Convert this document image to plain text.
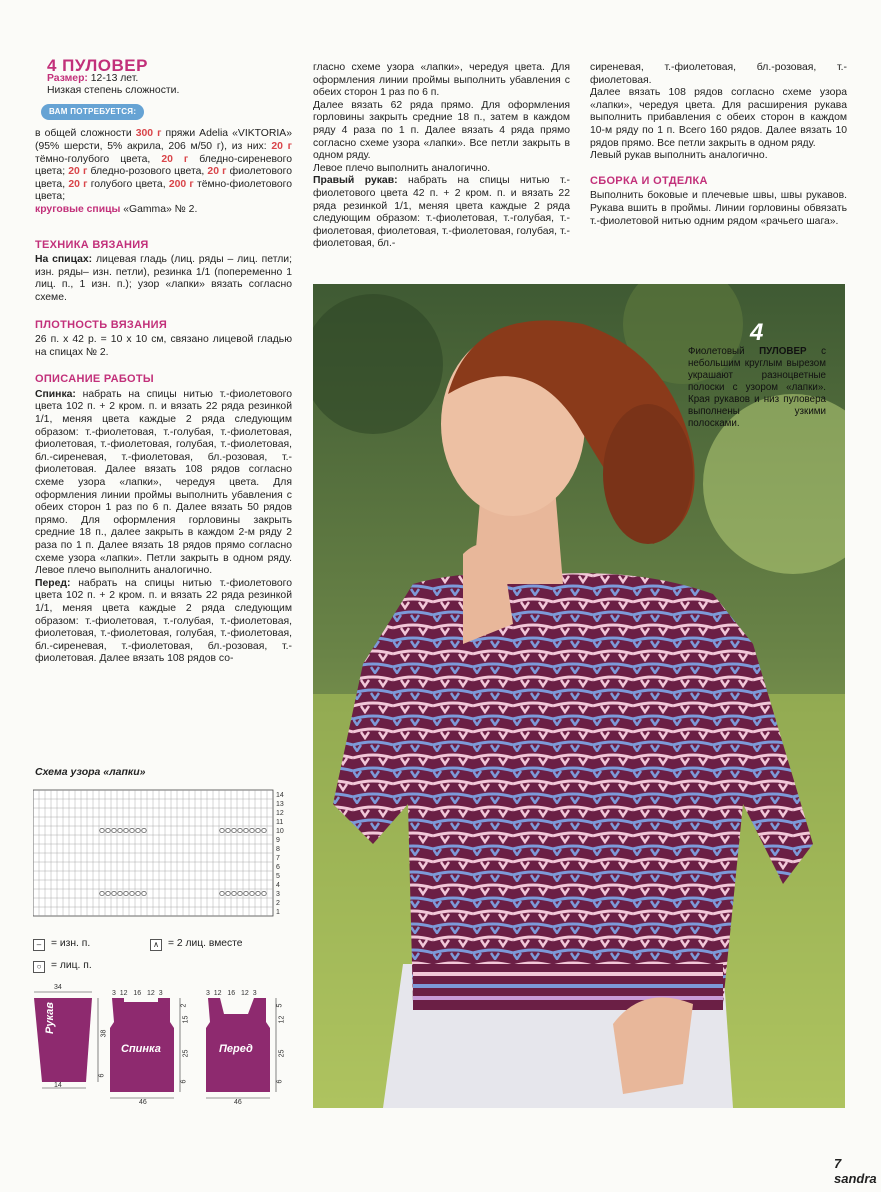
4 ПУЛОВЕР
Размер: 12-13 лет.
Низкая степень сложности.
ВАМ ПОТРЕБУЕТСЯ:

в общей сложности 300 г пряжи Adelia «VIKTORIA» (95% шерсти, 5% акрила, 206 м/50 г), из них: 20 г тёмно-голубого цвета, 20 г бледно-сиреневого цвета; 20 г бледно-розового цвета, 20 г фиолетового цвета, 20 г голубого цвета, 200 г тёмно-фиолетового цвета;
круговые спицы «Gamma» № 2.

ТЕХНИКА ВЯЗАНИЯ

На спицах: лицевая гладь (лиц. ряды – лиц. петли; изн. ряды– изн. петли), резинка 1/1 (попеременно 1 лиц. п., 1 изн. п.); узор «лапки» вязать согласно схеме.

ПЛОТНОСТЬ ВЯЗАНИЯ

26 п. x 42 р. = 10 x 10 см, связано лицевой гладью на спицах № 2.

ОПИСАНИЕ РАБОТЫ

Спинка: набрать на спицы нитью т.-фиолетового цвета 102 п. + 2 кром. п. и вязать 22 ряда резинкой 1/1, меняя цвета каждые 2 ряда следующим образом: т.-фиолетовая, т.-голубая, т.-фиолетовая, фиолетовая, т.-фиолетовая, голубая, т.-фиолетовая, бл.-сиреневая, т.-фиолетовая, бл.-розовая, т.-фиолетовая. Далее вязать 108 рядов согласно схеме узора «лапки», чередуя цвета. Для оформления линии проймы выполнить убавления с обеих сторон 1 раз по 6 п. Далее вязать 50 рядов прямо. Для оформления горловины закрыть средние 18 п., далее закрыть в каждом 2-м ряду 2 раза по 1 п. Далее вязать 18 рядов прямо согласно схеме узора «лапки». Петли закрыть в одном ряду. Левое плечо выполнить аналогично.

Перед: набрать на спицы нитью т.-фиолетового цвета 102 п. + 2 кром. п. и вязать 22 ряда резинкой 1/1, меняя цвета каждые 2 ряда следующим образом: т.-фиолетовая, т.-голубая, т.-фиолетовая, фиолетовая, т.-фиолетовая, голубая, т.-фиолетовая, бл.-сиреневая, т.-фиолетовая, бл.-розовая, т.-фиолетовая. Далее вязать 108 рядов со-

гласно схеме узора «лапки», чередуя цвета. Для оформления линии проймы выполнить убавления с обеих сторон 1 раз по 6 п.

Далее вязать 62 ряда прямо. Для оформления горловины закрыть средние 18 п., затем в каждом ряду 4 раза по 1 п. Далее вязать 4 ряда прямо согласно схеме узора «лапки». Все петли закрыть в одном ряду.

Левое плечо выполнить аналогично.

Правый рукав: набрать на спицы нитью т.-фиолетового цвета 42 п. + 2 кром. п. и вязать 22 ряда резинкой 1/1, меняя цвета каждые 2 ряда следующим образом: т.-фиолетовая, т.-голубая, т.-фиолетовая, фиолетовая, т.-фиолетовая, голубая, т.-фиолетовая, бл.-

сиреневая, т.-фиолетовая, бл.-розовая, т.-фиолетовая.

Далее вязать 108 рядов согласно схеме узора «лапки», чередуя цвета. Для расширения рукава выполнить прибавления с обеих сторон в каждом 10-м ряду по 1 п. Всего 160 рядов. Далее вязать 10 рядов прямо. Все петли закрыть в одном ряду.

Левый рукав выполнить аналогично.

СБОРКА И ОТДЕЛКА

Выполнить боковые и плечевые швы, швы рукавов. Рукава вшить в проймы. Линии горловины обвязать т.-фиолетовой нитью одним рядом «рачьего шага».

Схема узора «лапки»
14
13
12
11
10
9
8
7
6
5
4
3
2
1
– = изн. п.
○ = лиц. п.
∧ = 2 лиц. вместе
Рукав
Спинка	Перед
34
14
38
6
3  12   16   12  3
46
2
15
25
6
3  12   16   12  3
46
5
12
25
6
4
Фиолетовый ПУЛОВЕР с небольшим круглым вырезом украшают разноцветные полоски с узором «лапки». Края рукавов и низ пуловера выполнены узкими полосками.
7 sandra
